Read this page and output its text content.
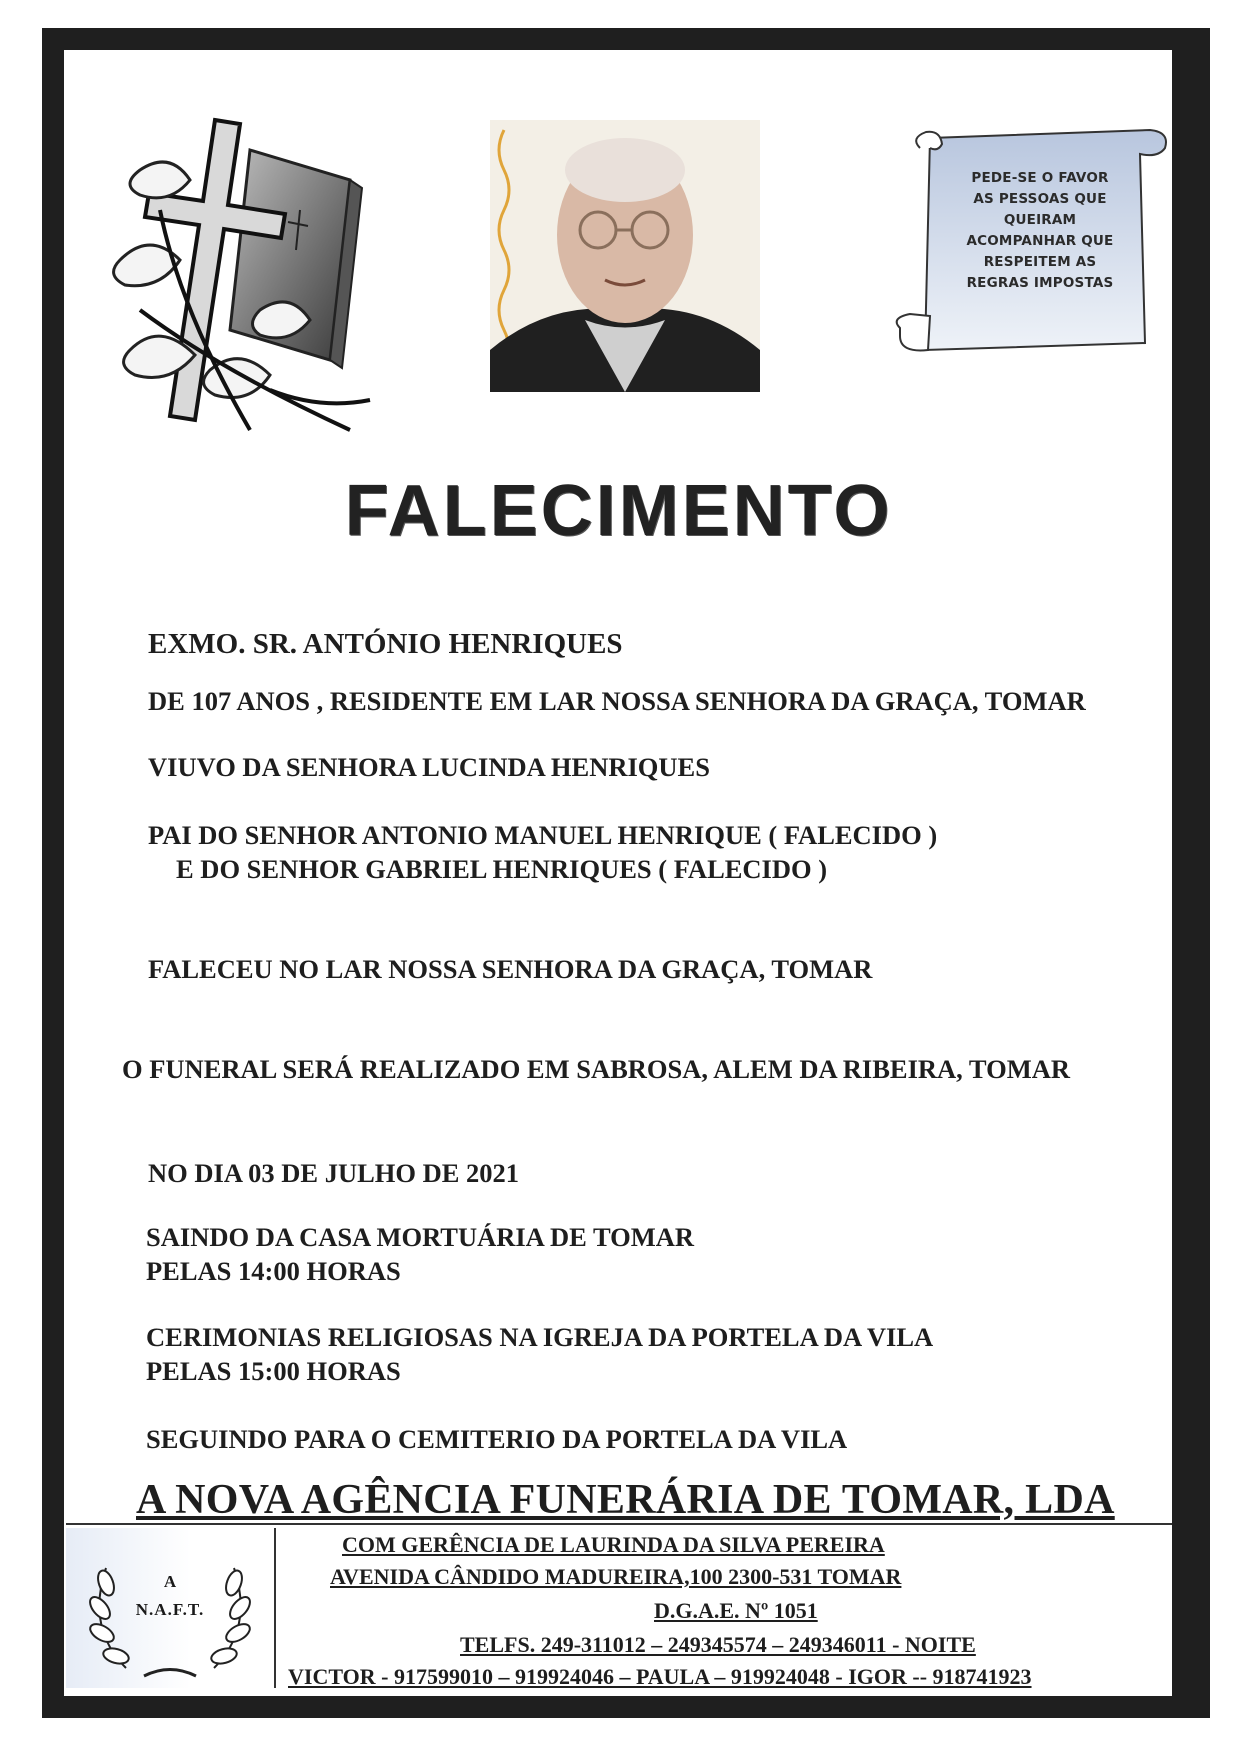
PEDE-SE O FAVOR AS PESSOAS QUE QUEIRAM ACOMPANHAR QUE RESPEITEM AS REGRAS IMPOSTAS
FALECIMENTO
EXMO. SR. ANTÓNIO HENRIQUES
DE 107 ANOS , RESIDENTE EM LAR NOSSA SENHORA DA GRAÇA, TOMAR
VIUVO DA SENHORA LUCINDA HENRIQUES
PAI DO SENHOR ANTONIO MANUEL HENRIQUE ( FALECIDO )
E DO SENHOR GABRIEL HENRIQUES ( FALECIDO )
FALECEU NO LAR NOSSA SENHORA DA GRAÇA, TOMAR
O FUNERAL SERÁ REALIZADO EM SABROSA, ALEM DA RIBEIRA, TOMAR
NO DIA 03 DE JULHO DE 2021
SAINDO DA CASA MORTUÁRIA DE TOMAR
PELAS 14:00 HORAS
CERIMONIAS RELIGIOSAS NA IGREJA DA PORTELA DA VILA
PELAS 15:00 HORAS
SEGUINDO PARA O CEMITERIO DA PORTELA DA VILA
A NOVA AGÊNCIA FUNERÁRIA DE TOMAR, LDA
A
N.A.F.T.
COM GERÊNCIA DE LAURINDA DA SILVA PEREIRA
AVENIDA CÂNDIDO MADUREIRA,100 2300-531 TOMAR
D.G.A.E. Nº 1051
TELFS. 249-311012 – 249345574 – 249346011 - NOITE
VICTOR - 917599010 – 919924046 – PAULA – 919924048 - IGOR -- 918741923
